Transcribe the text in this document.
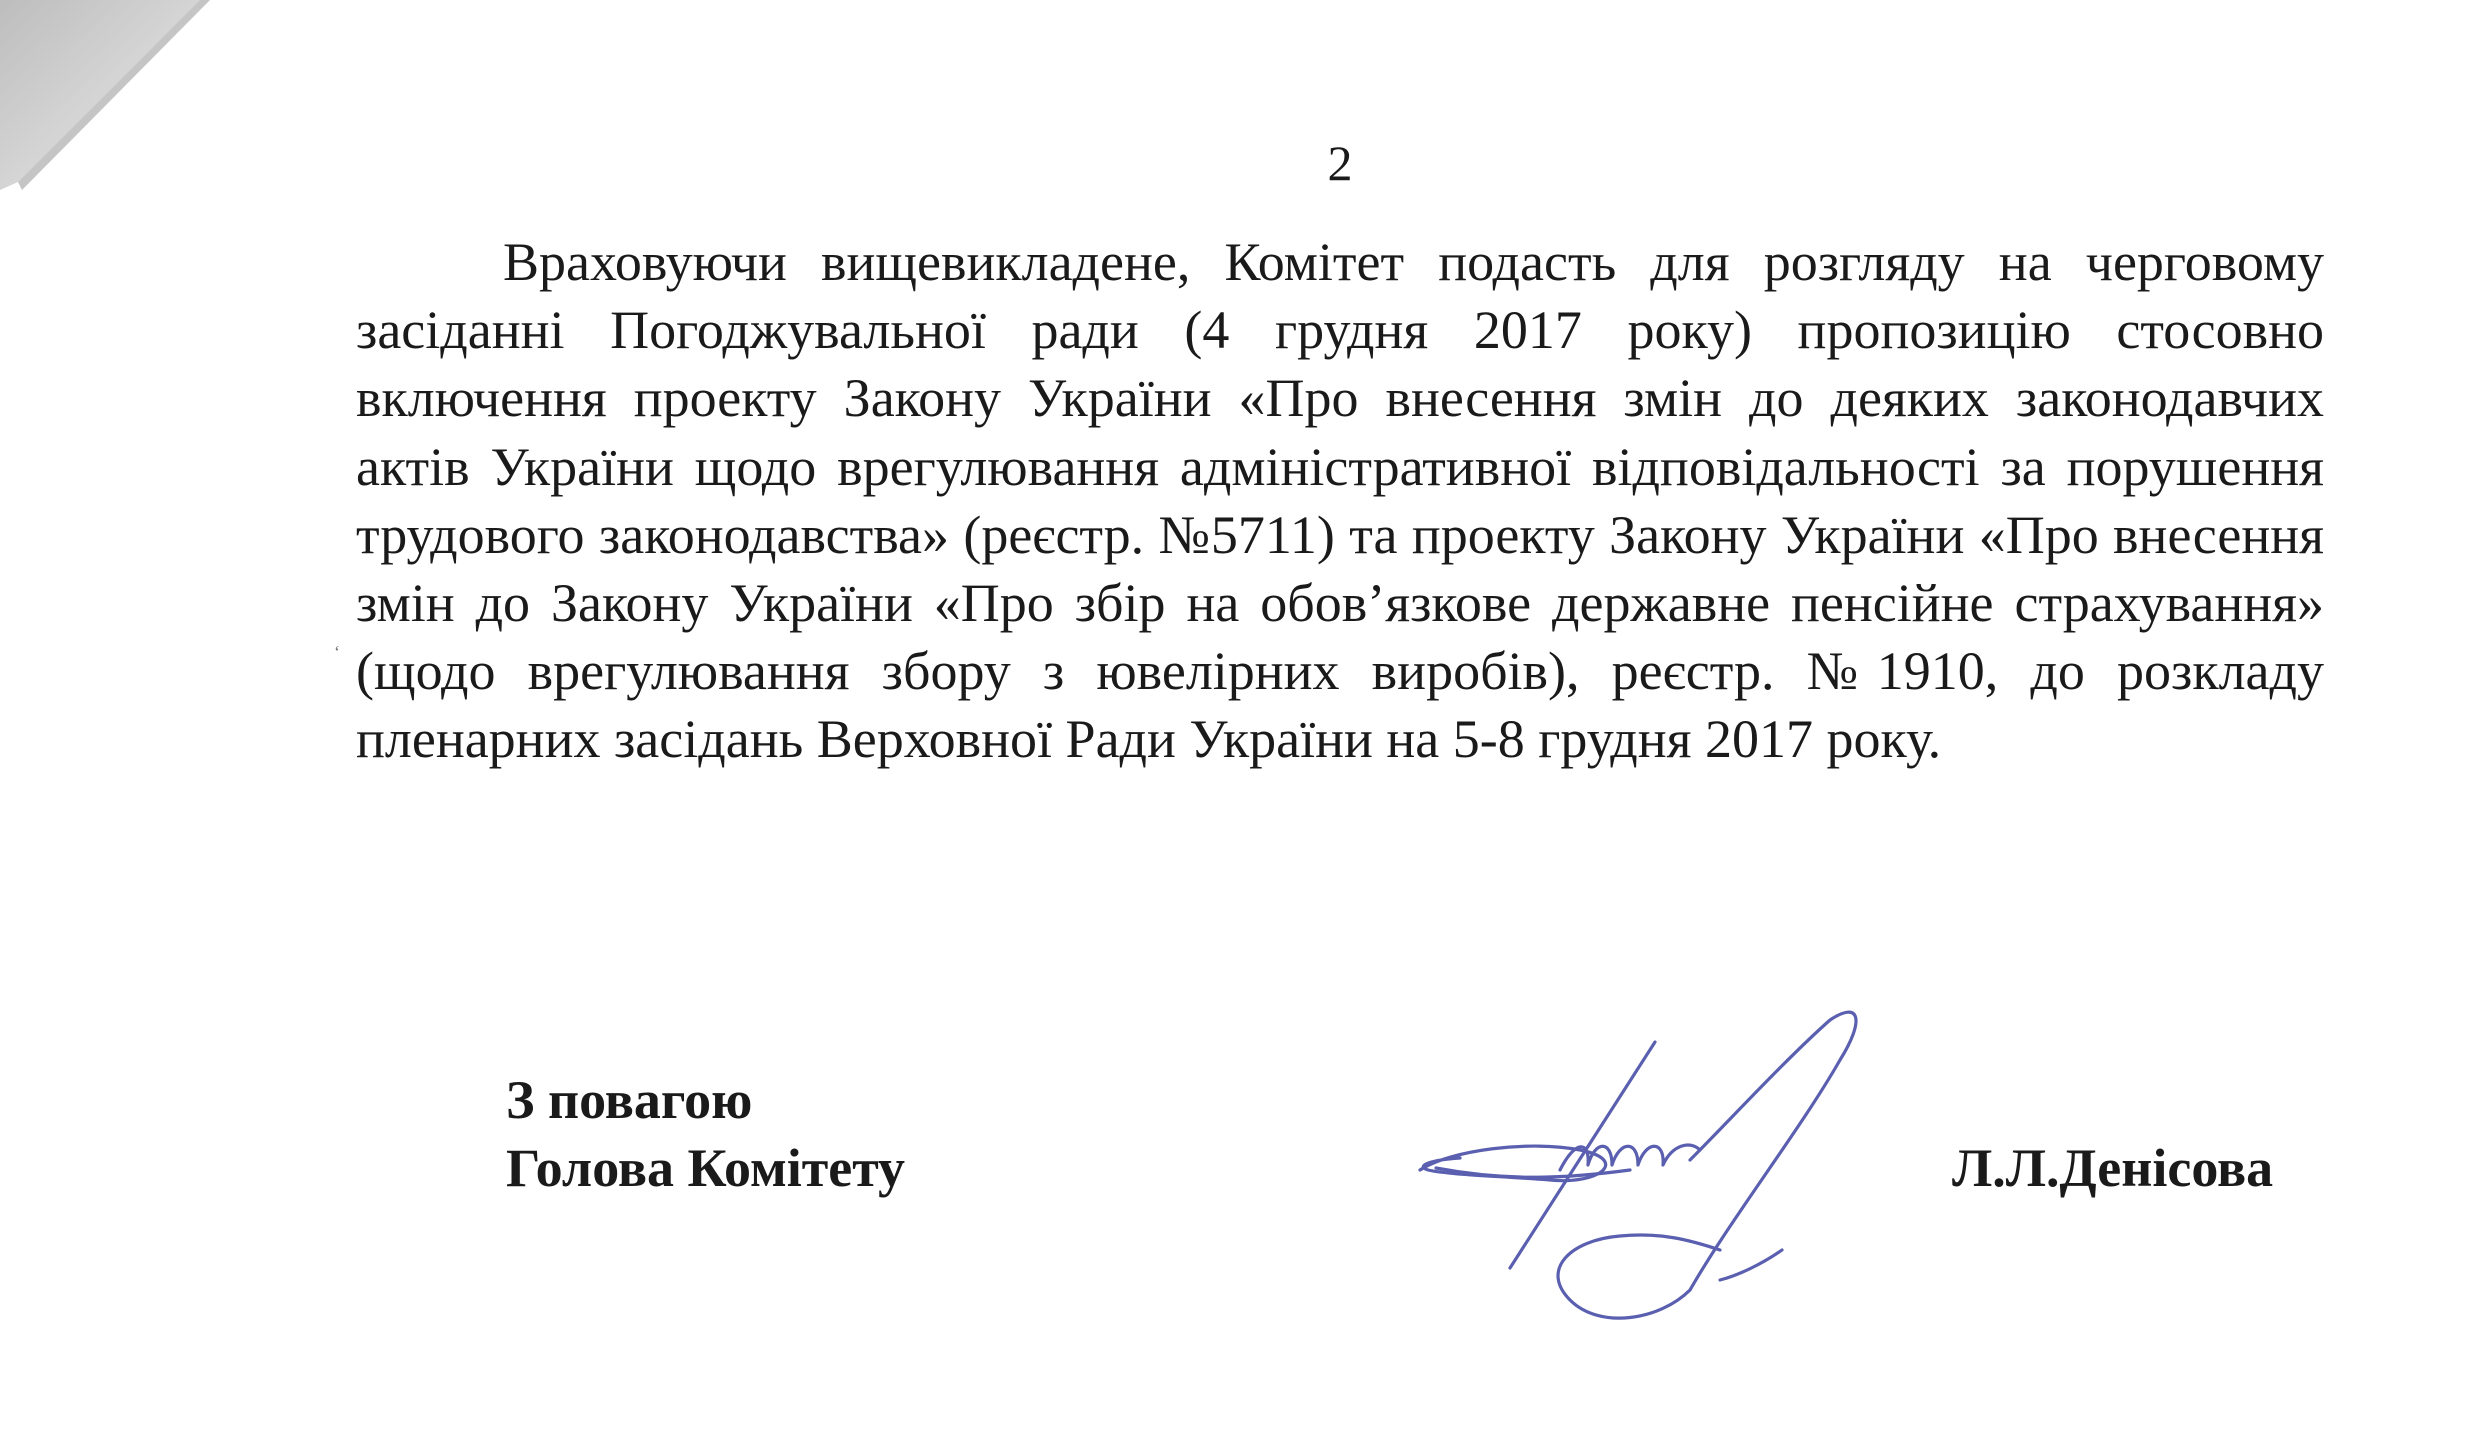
2

Враховуючи вищевикладене, Комітет подасть для розгляду на черговому засіданні Погоджувальної ради (4 грудня 2017 року) пропозицію стосовно включення проекту Закону України «Про внесення змін до деяких законодавчих актів України щодо врегулювання адміністративної відповідальності за порушення трудового законодавства» (реєстр. №5711) та проекту Закону України «Про внесення змін до Закону України «Про збір на обов’язкове державне пенсійне страхування» (щодо врегулювання збору з ювелірних виробів), реєстр. №1910, до розкладу пленарних засідань Верховної Ради України на 5-8 грудня 2017 року.

‘
З повагою
Голова Комітету	Л.Л.Денісова
